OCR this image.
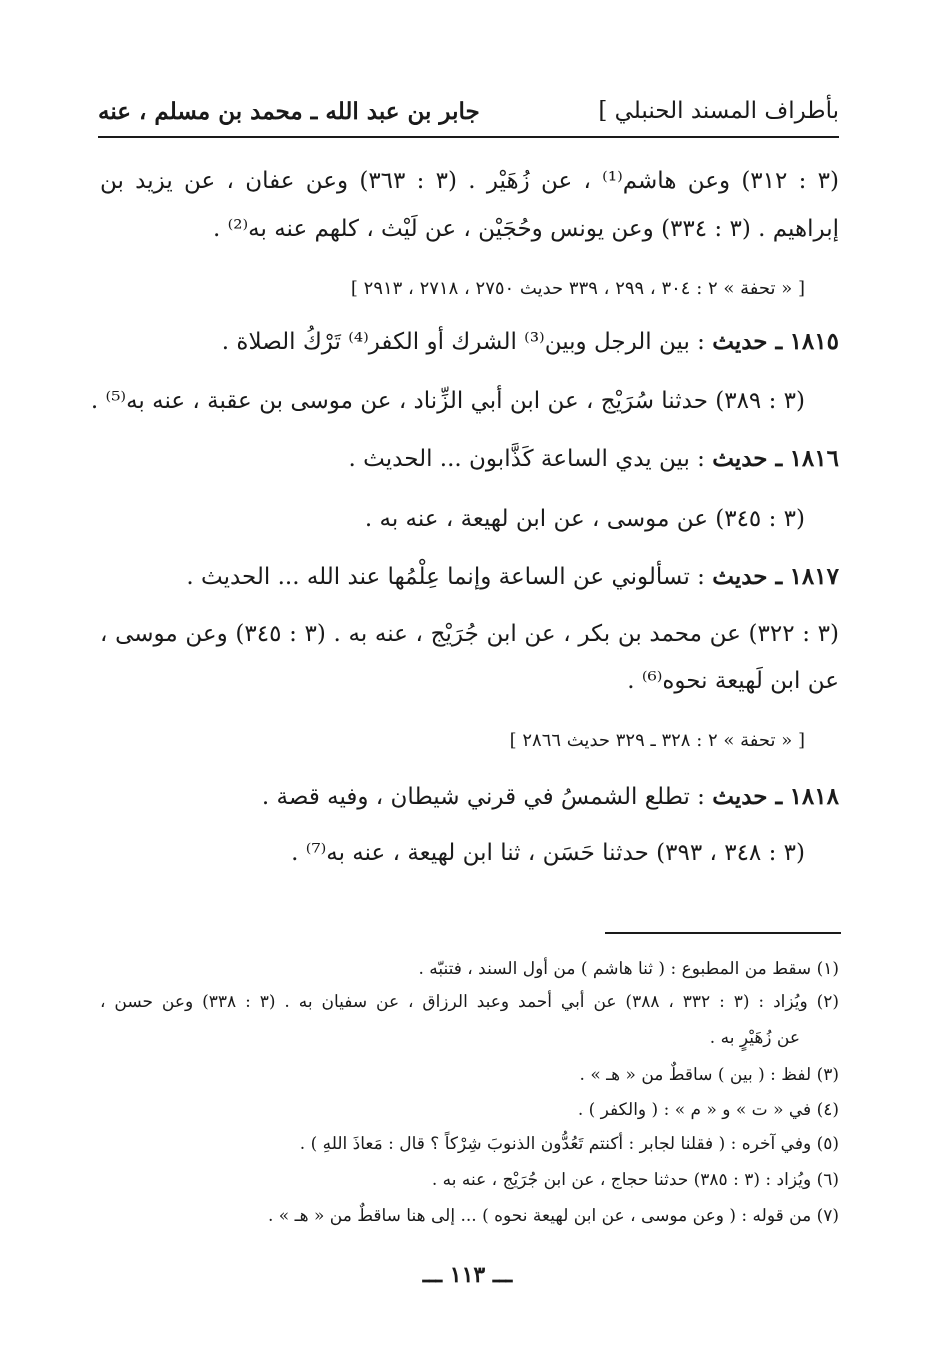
بأطراف المسند الحنبلي ]
جابر بن عبد الله ـ محمد بن مسلم ، عنه
(٣ : ٣١٢) وعن هاشم⁽¹⁾ ، عن زُهَيْر . (٣ : ٣٦٣) وعن عفان ، عن يزيد بن
إبراهيم . (٣ : ٣٣٤) وعن يونس وحُجَيْن ، عن لَيْث ، كلهم عنه به⁽²⁾ .
[ « تحفة » ٢ : ٣٠٤ ، ٢٩٩ ، ٣٣٩ حديث ٢٧٥٠ ، ٢٧١٨ ، ٢٩١٣ ]
١٨١٥ ـ حديث : بين الرجل وبين⁽³⁾ الشرك أو الكفر⁽⁴⁾ تَرْكُ الصلاة .
(٣ : ٣٨٩) حدثنا سُرَيْج ، عن ابن أبي الزِّناد ، عن موسى بن عقبة ، عنه به⁽⁵⁾ .
١٨١٦ ـ حديث : بين يدي الساعة كَذَّابون ... الحديث .
(٣ : ٣٤٥) عن موسى ، عن ابن لهيعة ، عنه به .
١٨١٧ ـ حديث : تسألوني عن الساعة وإنما عِلْمُها عند الله ... الحديث .
(٣ : ٣٢٢) عن محمد بن بكر ، عن ابن جُرَيْج ، عنه به . (٣ : ٣٤٥) وعن موسى ،
عن ابن لَهيعة نحوه⁽⁶⁾ .
[ « تحفة » ٢ : ٣٢٨ ـ ٣٢٩ حديث ٢٨٦٦ ]
١٨١٨ ـ حديث : تطلع الشمسُ في قرني شيطان ، وفيه قصة .
(٣ : ٣٤٨ ، ٣٩٣) حدثنا حَسَن ، ثنا ابن لهيعة ، عنه به⁽⁷⁾ .
(١) سقط من المطبوع : ( ثنا هاشم ) من أول السند ، فتنبّه .
(٢) ويُزاد : (٣ : ٣٣٢ ، ٣٨٨) عن أبي أحمد وعبد الرزاق ، عن سفيان به . (٣ : ٣٣٨) وعن حسن ،
عن زُهَيْرٍ به .
(٣) لفظ : ( بين ) ساقطٌ من « هـ » .
(٤) في « ت » و « م » : ( والكفر ) .
(٥) وفي آخره : ( فقلنا لجابر : أكنتم تَعُدُّون الذنوبَ شِرْكاً ؟ قال : مَعاذَ اللهِ ) .
(٦) ويُزاد : (٣ : ٣٨٥) حدثنا حجاج ، عن ابن جُرَيْج ، عنه به .
(٧) من قوله : ( وعن موسى ، عن ابن لهيعة نحوه ) ... إلى هنا ساقطٌ من « هـ » .
ـــ ١١٣ ـــ
